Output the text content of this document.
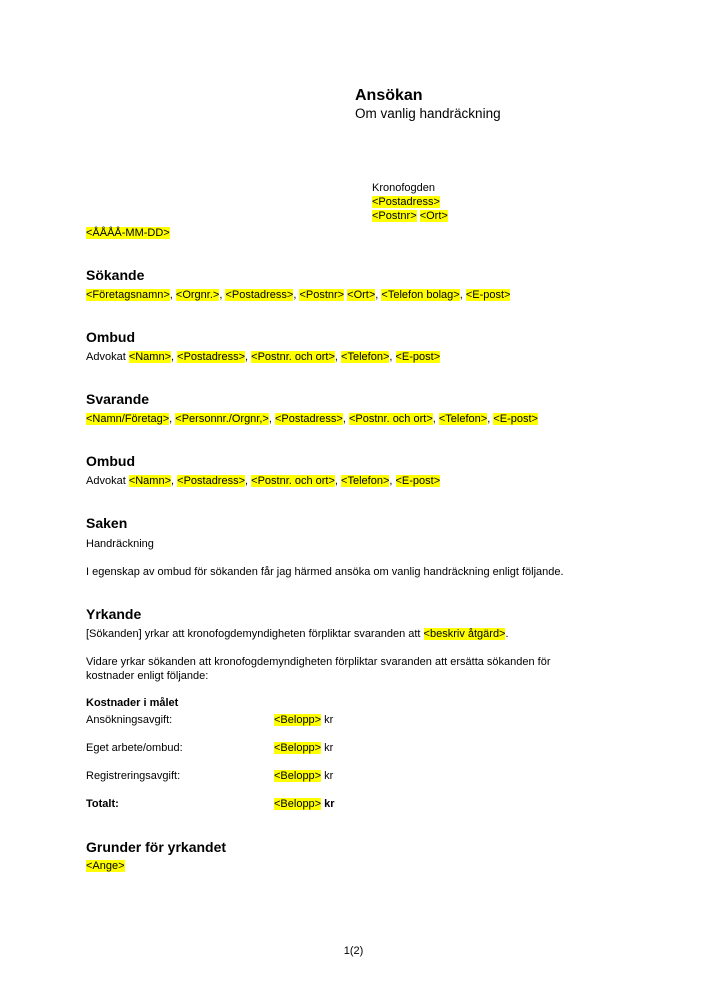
Ansökan
Om vanlig handräckning
Kronofogden
<Postadress>
<Postnr> <Ort>
<ÅÅÅÅ-MM-DD>
Sökande
<Företagsnamn>, <Orgnr.>, <Postadress>, <Postnr> <Ort>, <Telefon bolag>, <E-post>
Ombud
Advokat <Namn>, <Postadress>, <Postnr. och ort>, <Telefon>, <E-post>
Svarande
<Namn/Företag>, <Personnr./Orgnr,>, <Postadress>, <Postnr. och ort>, <Telefon>, <E-post>
Ombud
Advokat <Namn>, <Postadress>, <Postnr. och ort>, <Telefon>, <E-post>
Saken
Handräckning
I egenskap av ombud för sökanden får jag härmed ansöka om vanlig handräckning enligt följande.
Yrkande
[Sökanden] yrkar att kronofogdemyndigheten förpliktar svaranden att <beskriv åtgärd>.
Vidare yrkar sökanden att kronofogdemyndigheten förpliktar svaranden att ersätta sökanden för
kostnader enligt följande:
Kostnader i målet
Ansökningsavgift:	<Belopp> kr
Eget arbete/ombud:	<Belopp> kr
Registreringsavgift:	<Belopp> kr
Totalt:	<Belopp> kr
Grunder för yrkandet
<Ange>
1(2)
